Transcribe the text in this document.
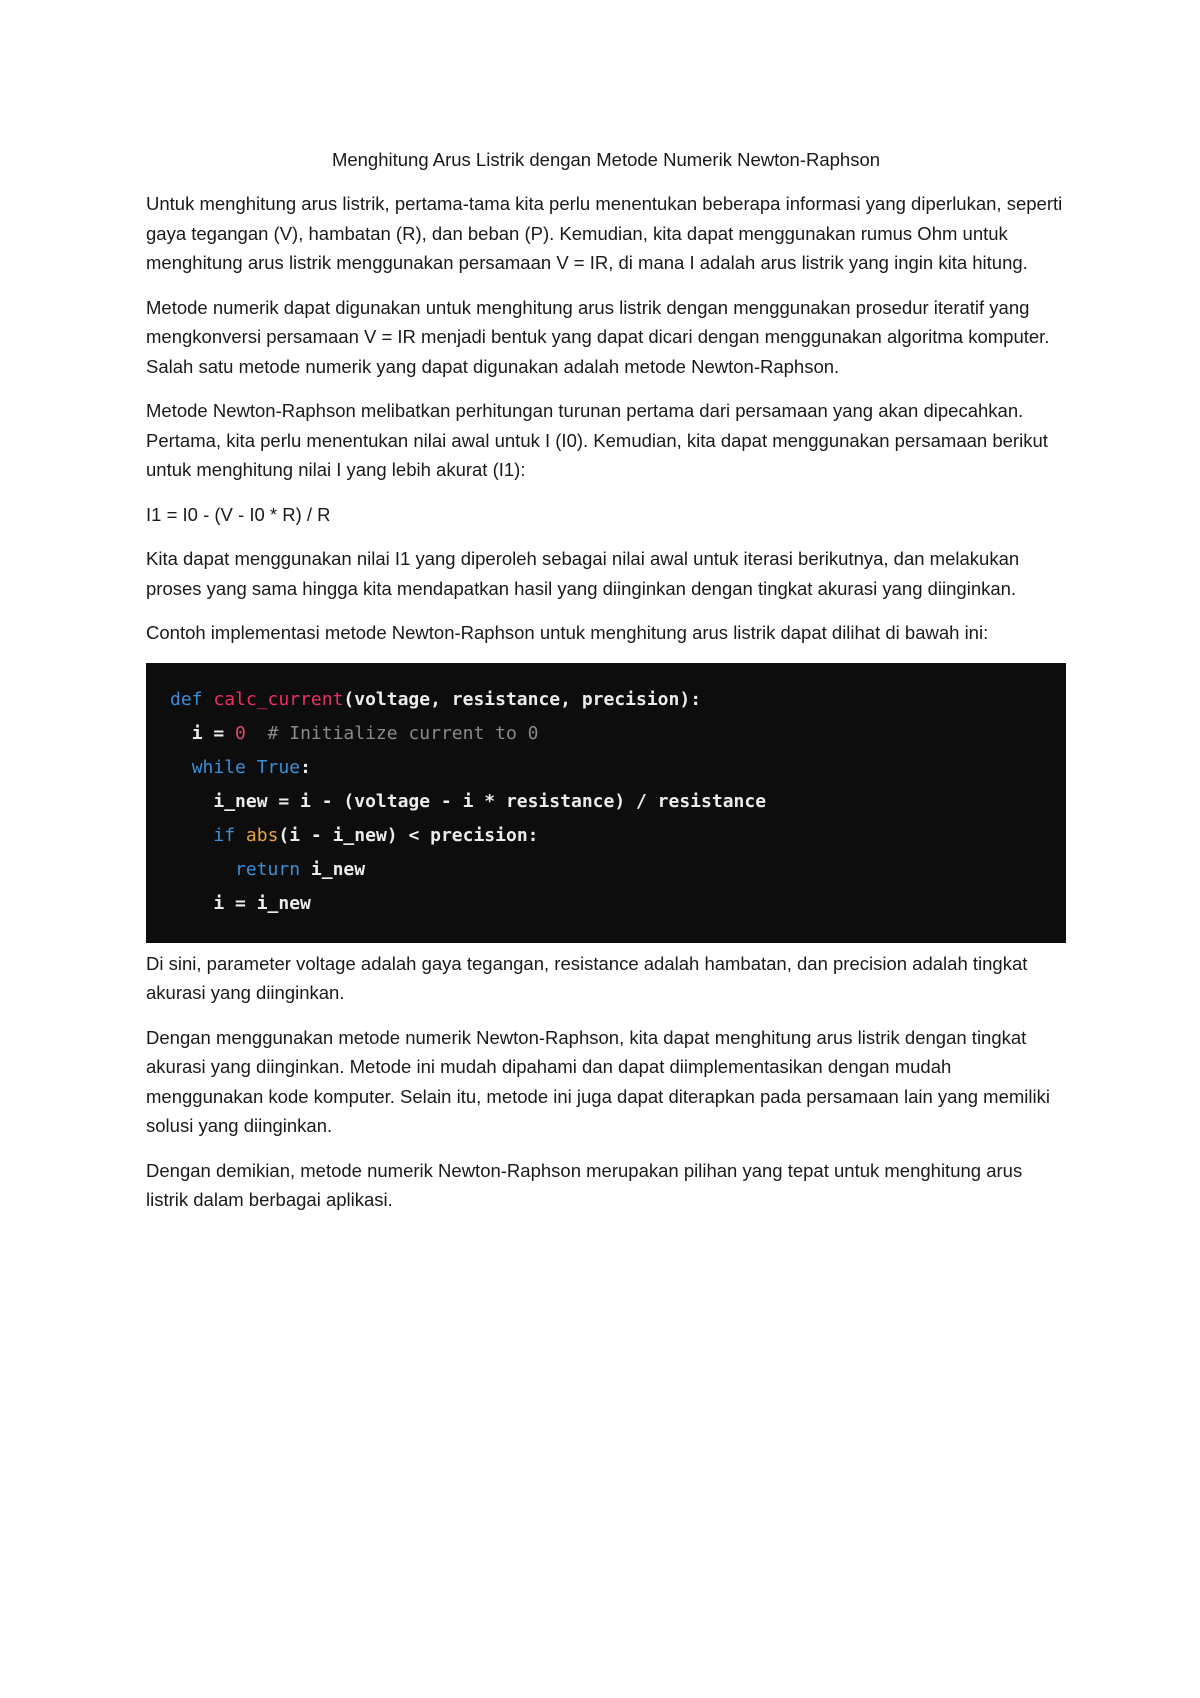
Menghitung Arus Listrik dengan Metode Numerik Newton-Raphson

Untuk menghitung arus listrik, pertama-tama kita perlu menentukan beberapa informasi yang diperlukan, seperti gaya tegangan (V), hambatan (R), dan beban (P). Kemudian, kita dapat menggunakan rumus Ohm untuk menghitung arus listrik menggunakan persamaan V = IR, di mana I adalah arus listrik yang ingin kita hitung.

Metode numerik dapat digunakan untuk menghitung arus listrik dengan menggunakan prosedur iteratif yang mengkonversi persamaan V = IR menjadi bentuk yang dapat dicari dengan menggunakan algoritma komputer. Salah satu metode numerik yang dapat digunakan adalah metode Newton-Raphson.

Metode Newton-Raphson melibatkan perhitungan turunan pertama dari persamaan yang akan dipecahkan. Pertama, kita perlu menentukan nilai awal untuk I (I0). Kemudian, kita dapat menggunakan persamaan berikut untuk menghitung nilai I yang lebih akurat (I1):

I1 = I0 - (V - I0 * R) / R

Kita dapat menggunakan nilai I1 yang diperoleh sebagai nilai awal untuk iterasi berikutnya, dan melakukan proses yang sama hingga kita mendapatkan hasil yang diinginkan dengan tingkat akurasi yang diinginkan.

Contoh implementasi metode Newton-Raphson untuk menghitung arus listrik dapat dilihat di bawah ini:

def calc_current(voltage, resistance, precision):
i = 0  # Initialize current to 0
while True:
i_new = i - (voltage - i * resistance) / resistance
if abs(i - i_new) < precision:
return i_new
i = i_new

Di sini, parameter voltage adalah gaya tegangan, resistance adalah hambatan, dan precision adalah tingkat akurasi yang diinginkan.

Dengan menggunakan metode numerik Newton-Raphson, kita dapat menghitung arus listrik dengan tingkat akurasi yang diinginkan. Metode ini mudah dipahami dan dapat diimplementasikan dengan mudah menggunakan kode komputer. Selain itu, metode ini juga dapat diterapkan pada persamaan lain yang memiliki solusi yang diinginkan.

Dengan demikian, metode numerik Newton-Raphson merupakan pilihan yang tepat untuk menghitung arus listrik dalam berbagai aplikasi.
